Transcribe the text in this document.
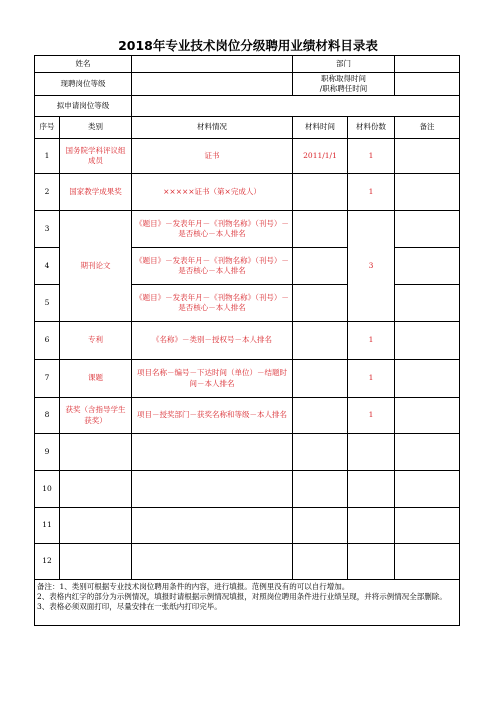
2018年专业技术岗位分级聘用业绩材料目录表
姓名			部门		
现聘岗位等级			职称取得时间
/职称聘任时间		
拟申请岗位等级					
序号	类别	材料情况	材料时间	材料份数	备注
1	国务院学科评议组成员	证书	2011/1/1	1	
2	国家教学成果奖	×××××证书（第×完成人）		1	
3	期刊论文	《题目》－发表年月－《刊物名称》（刊号）－是否核心－本人排名		3	
4		《题目》－发表年月－《刊物名称》（刊号）－是否核心－本人排名			
5		《题目》－发表年月－《刊物名称》（刊号）－是否核心－本人排名			
6	专利	《名称》－类别－授权号－本人排名		1	
7	课题	项目名称－编号－下达时间（单位）－结题时间－本人排名		1	
8	获奖（含指导学生获奖）	项目－授奖部门－获奖名称和等级－本人排名		1	
9					
10					
11					
12					

备注：1、类别可根据专业技术岗位聘用条件的内容，进行填报。范例里没有的可以自行增加。
2、表格内红字的部分为示例情况，填报时请根据示例情况填报，对照岗位聘用条件进行业绩呈现，并将示例情况全部删除。
3、表格必须双面打印，尽量安排在一张纸内打印完毕。					
